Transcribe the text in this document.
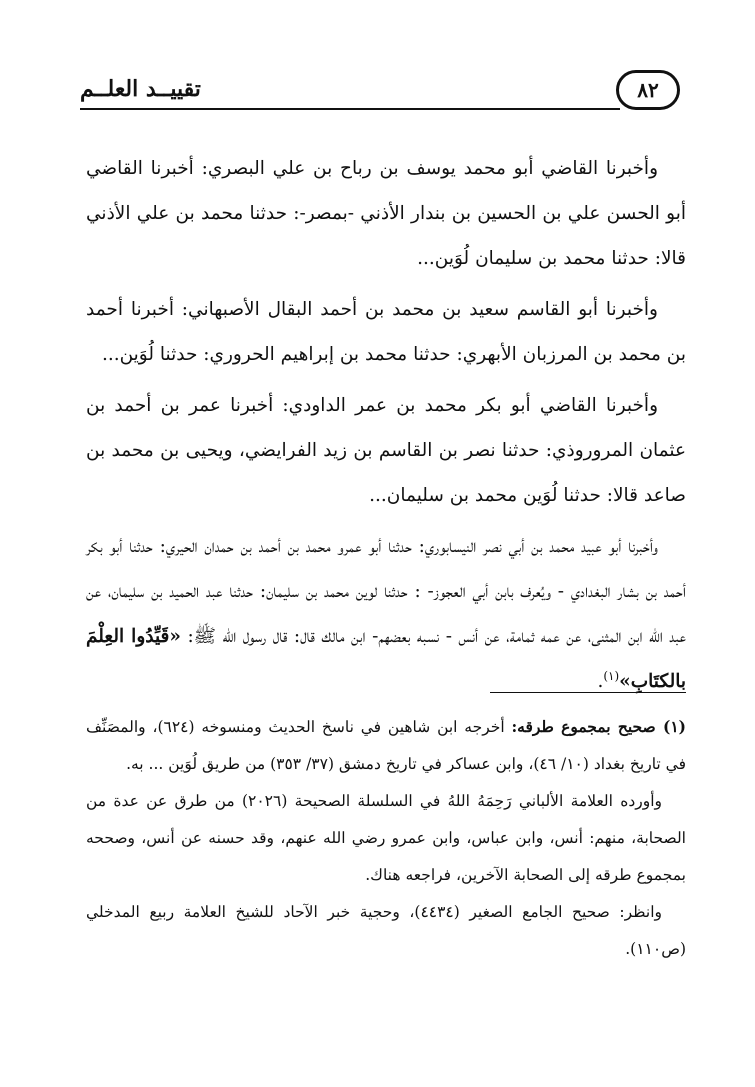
٨٢
تقييــد العلــم

وأخبرنا القاضي أبو محمد يوسف بن رباح بن علي البصري: أخبرنا القاضي أبو الحسن علي بن الحسين بن بندار الأذني -بمصر-: حدثنا محمد بن علي الأذني قالا: حدثنا محمد بن سليمان لُوَين...

وأخبرنا أبو القاسم سعيد بن محمد بن أحمد البقال الأصبهاني: أخبرنا أحمد بن محمد بن المرزبان الأبهري: حدثنا محمد بن إبراهيم الحروري: حدثنا لُوَين...

وأخبرنا القاضي أبو بكر محمد بن عمر الداودي: أخبرنا عمر بن أحمد بن عثمان المروروذي: حدثنا نصر بن القاسم بن زيد الفرايضي، ويحيى بن محمد بن صاعد قالا: حدثنا لُوَين محمد بن سليمان...

وأخبرنا أبو عبيد محمد بن أبي نصر النيسابوري: حدثنا أبو عمرو محمد بن أحمد بن حمدان الحيري: حدثنا أبو بكر أحمد بن بشار البغدادي - ويُعرف بابن أبي العجوز- : حدثنا لوين محمد بن سليمان: حدثنا عبد الحميد بن سليمان، عن عبد الله ابن المثنى، عن عمه ثمامة، عن أنس - نسبه بعضهم- ابن مالك قال: قال رسول الله ﷺ: «قَيِّدُوا العِلْمَ بالكتَابِ»$^{(١)}$.

(١) صحيح بمجموع طرقه: أخرجه ابن شاهين في ناسخ الحديث ومنسوخه (٦٢٤)، والمصَنِّف في تاريخ بغداد (١٠/ ٤٦)، وابن عساكر في تاريخ دمشق (٣٧/ ٣٥٣) من طريق لُوَين ... به.

وأورده العلامة الألباني رَحِمَهُ اللهُ في السلسلة الصحيحة (٢٠٢٦) من طرق عن عدة من الصحابة، منهم: أنس، وابن عباس، وابن عمرو رضي الله عنهم، وقد حسنه عن أنس، وصححه بمجموع طرقه إلى الصحابة الآخرين، فراجعه هناك.

وانظر: صحيح الجامع الصغير (٤٤٣٤)، وحجية خبر الآحاد للشيخ العلامة ربيع المدخلي (ص١١٠).
